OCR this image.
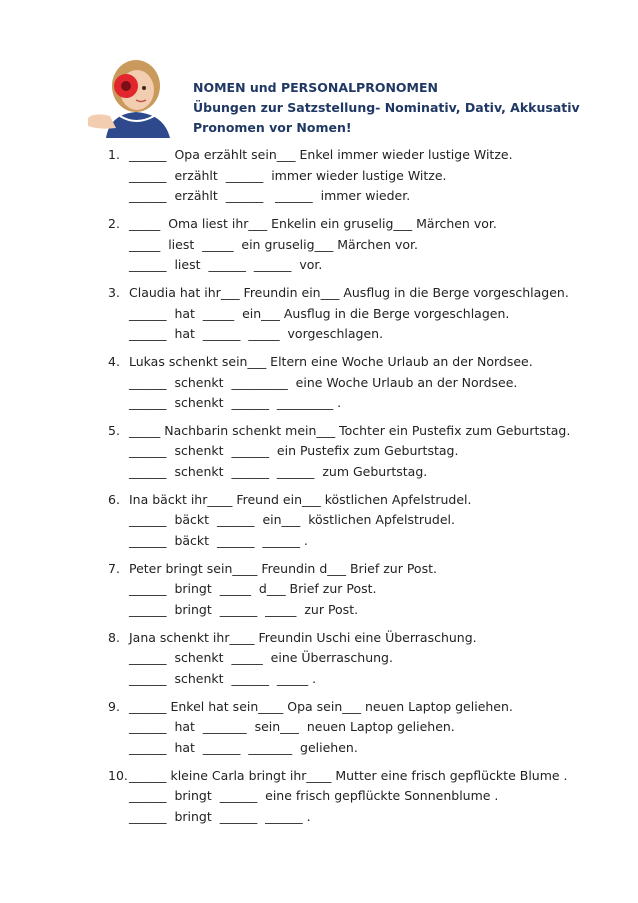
NOMEN und PERSONALPRONOMEN
Übungen zur Satzstellung- Nominativ, Dativ, Akkusativ
Pronomen vor Nomen!
1. ______  Opa erzählt sein___ Enkel immer wieder lustige Witze.
______  erzählt  ______  immer wieder lustige Witze.
______  erzählt  ______   ______  immer wieder.
2. _____  Oma liest ihr___ Enkelin ein gruselig___ Märchen vor.
_____  liest  _____  ein gruselig___ Märchen vor.
______  liest  ______  ______  vor.
3. Claudia hat ihr___ Freundin ein___ Ausflug in die Berge vorgeschlagen.
______  hat  _____  ein___ Ausflug in die Berge vorgeschlagen.
______  hat  ______  _____  vorgeschlagen.
4. Lukas schenkt sein___ Eltern eine Woche Urlaub an der Nordsee.
______  schenkt  _________  eine Woche Urlaub an der Nordsee.
______  schenkt  ______  _________ .
5. _____ Nachbarin schenkt mein___ Tochter ein Pustefix zum Geburtstag.
______  schenkt  ______  ein Pustefix zum Geburtstag.
______  schenkt  ______  ______  zum Geburtstag.
6. Ina bäckt ihr____ Freund ein___ köstlichen Apfelstrudel.
______  bäckt  ______  ein___  köstlichen Apfelstrudel.
______  bäckt  ______  ______ .
7. Peter bringt sein____ Freundin d___ Brief zur Post.
______  bringt  _____  d___ Brief zur Post.
______  bringt  ______  _____  zur Post.
8. Jana schenkt ihr____ Freundin Uschi eine Überraschung.
______  schenkt  _____  eine Überraschung.
______  schenkt  ______  _____ .
9. ______ Enkel hat sein____ Opa sein___ neuen Laptop geliehen.
______  hat  _______  sein___  neuen Laptop geliehen.
______  hat  ______  _______  geliehen.
10. ______ kleine Carla bringt ihr____ Mutter eine frisch gepflückte Blume .
______  bringt  ______  eine frisch gepflückte Sonnenblume .
______  bringt  ______  ______ .
